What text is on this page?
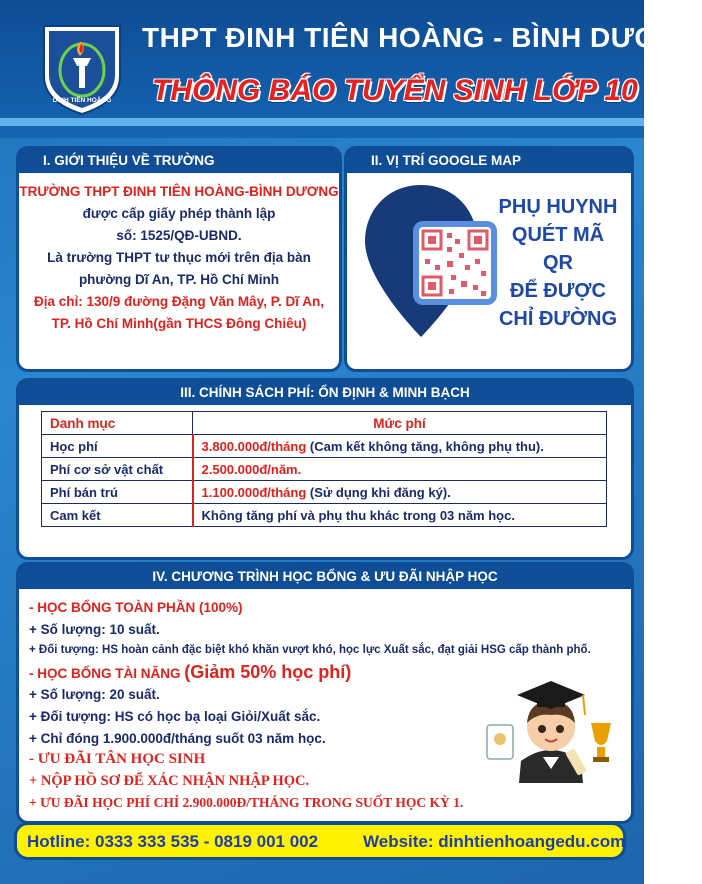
DINH TIÊN HOÀNG
THPT ĐINH TIÊN HOÀNG - BÌNH DƯƠNG
THÔNG BÁO TUYỂN SINH LỚP 10
I. GIỚI THIỆU VỀ TRƯỜNG
TRƯỜNG THPT ĐINH TIÊN HOÀNG-BÌNH DƯƠNG
được cấp giấy phép thành lập
số: 1525/QĐ-UBND.
Là trường THPT tư thục mới trên địa bàn
phường Dĩ An, TP. Hồ Chí Minh
Địa chỉ: 130/9 đường Đặng Văn Mây, P. Dĩ An,
TP. Hồ Chí Minh(gần THCS Đông Chiêu)
II. VỊ TRÍ GOOGLE MAP
PHỤ HUYNH
QUÉT MÃ
QR
ĐỂ ĐƯỢC
CHỈ ĐƯỜNG
III. CHÍNH SÁCH PHÍ: ỔN ĐỊNH & MINH BẠCH
Danh mục	Mức phí
Học phí	3.800.000đ/tháng (Cam kết không tăng, không phụ thu).
Phí cơ sở vật chất	2.500.000đ/năm.
Phí bán trú	1.100.000đ/tháng (Sử dụng khi đăng ký).
Cam kết	Không tăng phí và phụ thu khác trong 03 năm học.
IV. CHƯƠNG TRÌNH HỌC BỔNG & ƯU ĐÃI NHẬP HỌC
- HỌC BỔNG TOÀN PHẦN (100%)
+ Số lượng: 10 suất.
+ Đối tượng: HS hoàn cảnh đặc biệt khó khăn vượt khó, học lực Xuất sắc, đạt giải HSG cấp thành phố.
- HỌC BỔNG TÀI NĂNG (Giảm 50% học phí)
+ Số lượng: 20 suất.
+ Đối tượng: HS có học bạ loại Giỏi/Xuất sắc.
+ Chỉ đóng 1.900.000đ/tháng suốt 03 năm học.
- ƯU ĐÃI TÂN HỌC SINH
+ NỘP HỒ SƠ ĐỂ XÁC NHẬN NHẬP HỌC.
+ ƯU ĐÃI HỌC PHÍ CHỈ 2.900.000Đ/THÁNG TRONG SUỐT HỌC KỲ 1.
Hotline: 0333 333 535 - 0819 001 002	Website: dinhtienhoangedu.com
